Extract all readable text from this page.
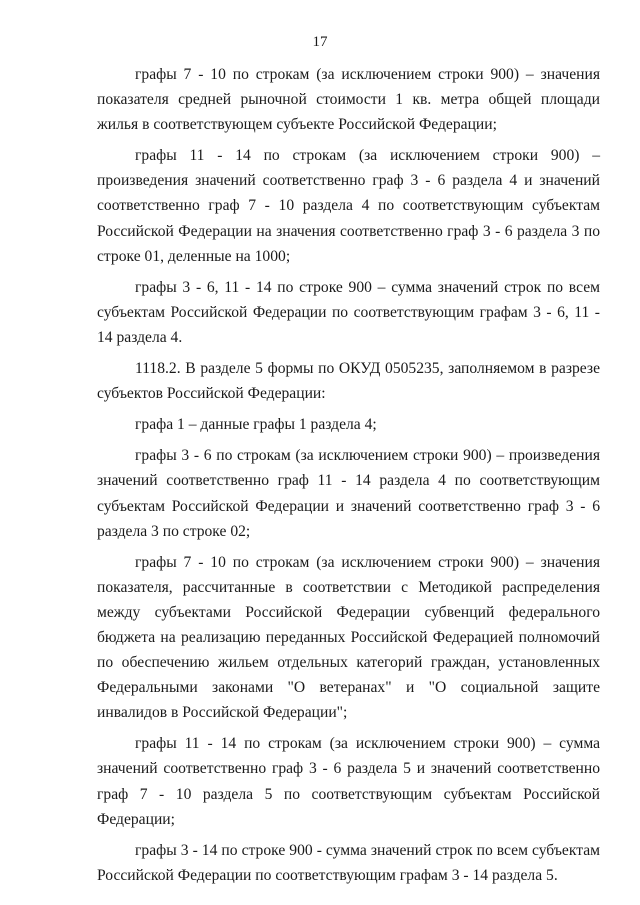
17

графы 7 - 10 по строкам (за исключением строки 900) – значения показателя средней рыночной стоимости 1 кв. метра общей площади жилья в соответствующем субъекте Российской Федерации;

графы 11 - 14 по строкам (за исключением строки 900) – произведения значений соответственно граф 3 - 6 раздела 4 и значений соответственно граф 7 - 10 раздела 4 по соответствующим субъектам Российской Федерации на значения соответственно граф 3 - 6 раздела 3 по строке 01, деленные на 1000;

графы 3 - 6, 11 - 14 по строке 900 – сумма значений строк по всем субъектам Российской Федерации по соответствующим графам 3 - 6, 11 - 14 раздела 4.

1118.2. В разделе 5 формы по ОКУД 0505235, заполняемом в разрезе субъектов Российской Федерации:

графа 1 – данные графы 1 раздела 4;

графы 3 - 6 по строкам (за исключением строки 900) – произведения значений соответственно граф 11 - 14 раздела 4 по соответствующим субъектам Российской Федерации и значений соответственно граф 3 - 6 раздела 3 по строке 02;

графы 7 - 10 по строкам (за исключением строки 900) – значения показателя, рассчитанные в соответствии с Методикой распределения между субъектами Российской Федерации субвенций федерального бюджета на реализацию переданных Российской Федерацией полномочий по обеспечению жильем отдельных категорий граждан, установленных Федеральными законами "О ветеранах" и "О социальной защите инвалидов в Российской Федерации";

графы 11 - 14 по строкам (за исключением строки 900) – сумма значений соответственно граф 3 - 6 раздела 5 и значений соответственно граф 7 - 10 раздела 5 по соответствующим субъектам Российской Федерации;

графы 3 - 14 по строке 900 - сумма значений строк по всем субъектам Российской Федерации по соответствующим графам 3 - 14 раздела 5.
